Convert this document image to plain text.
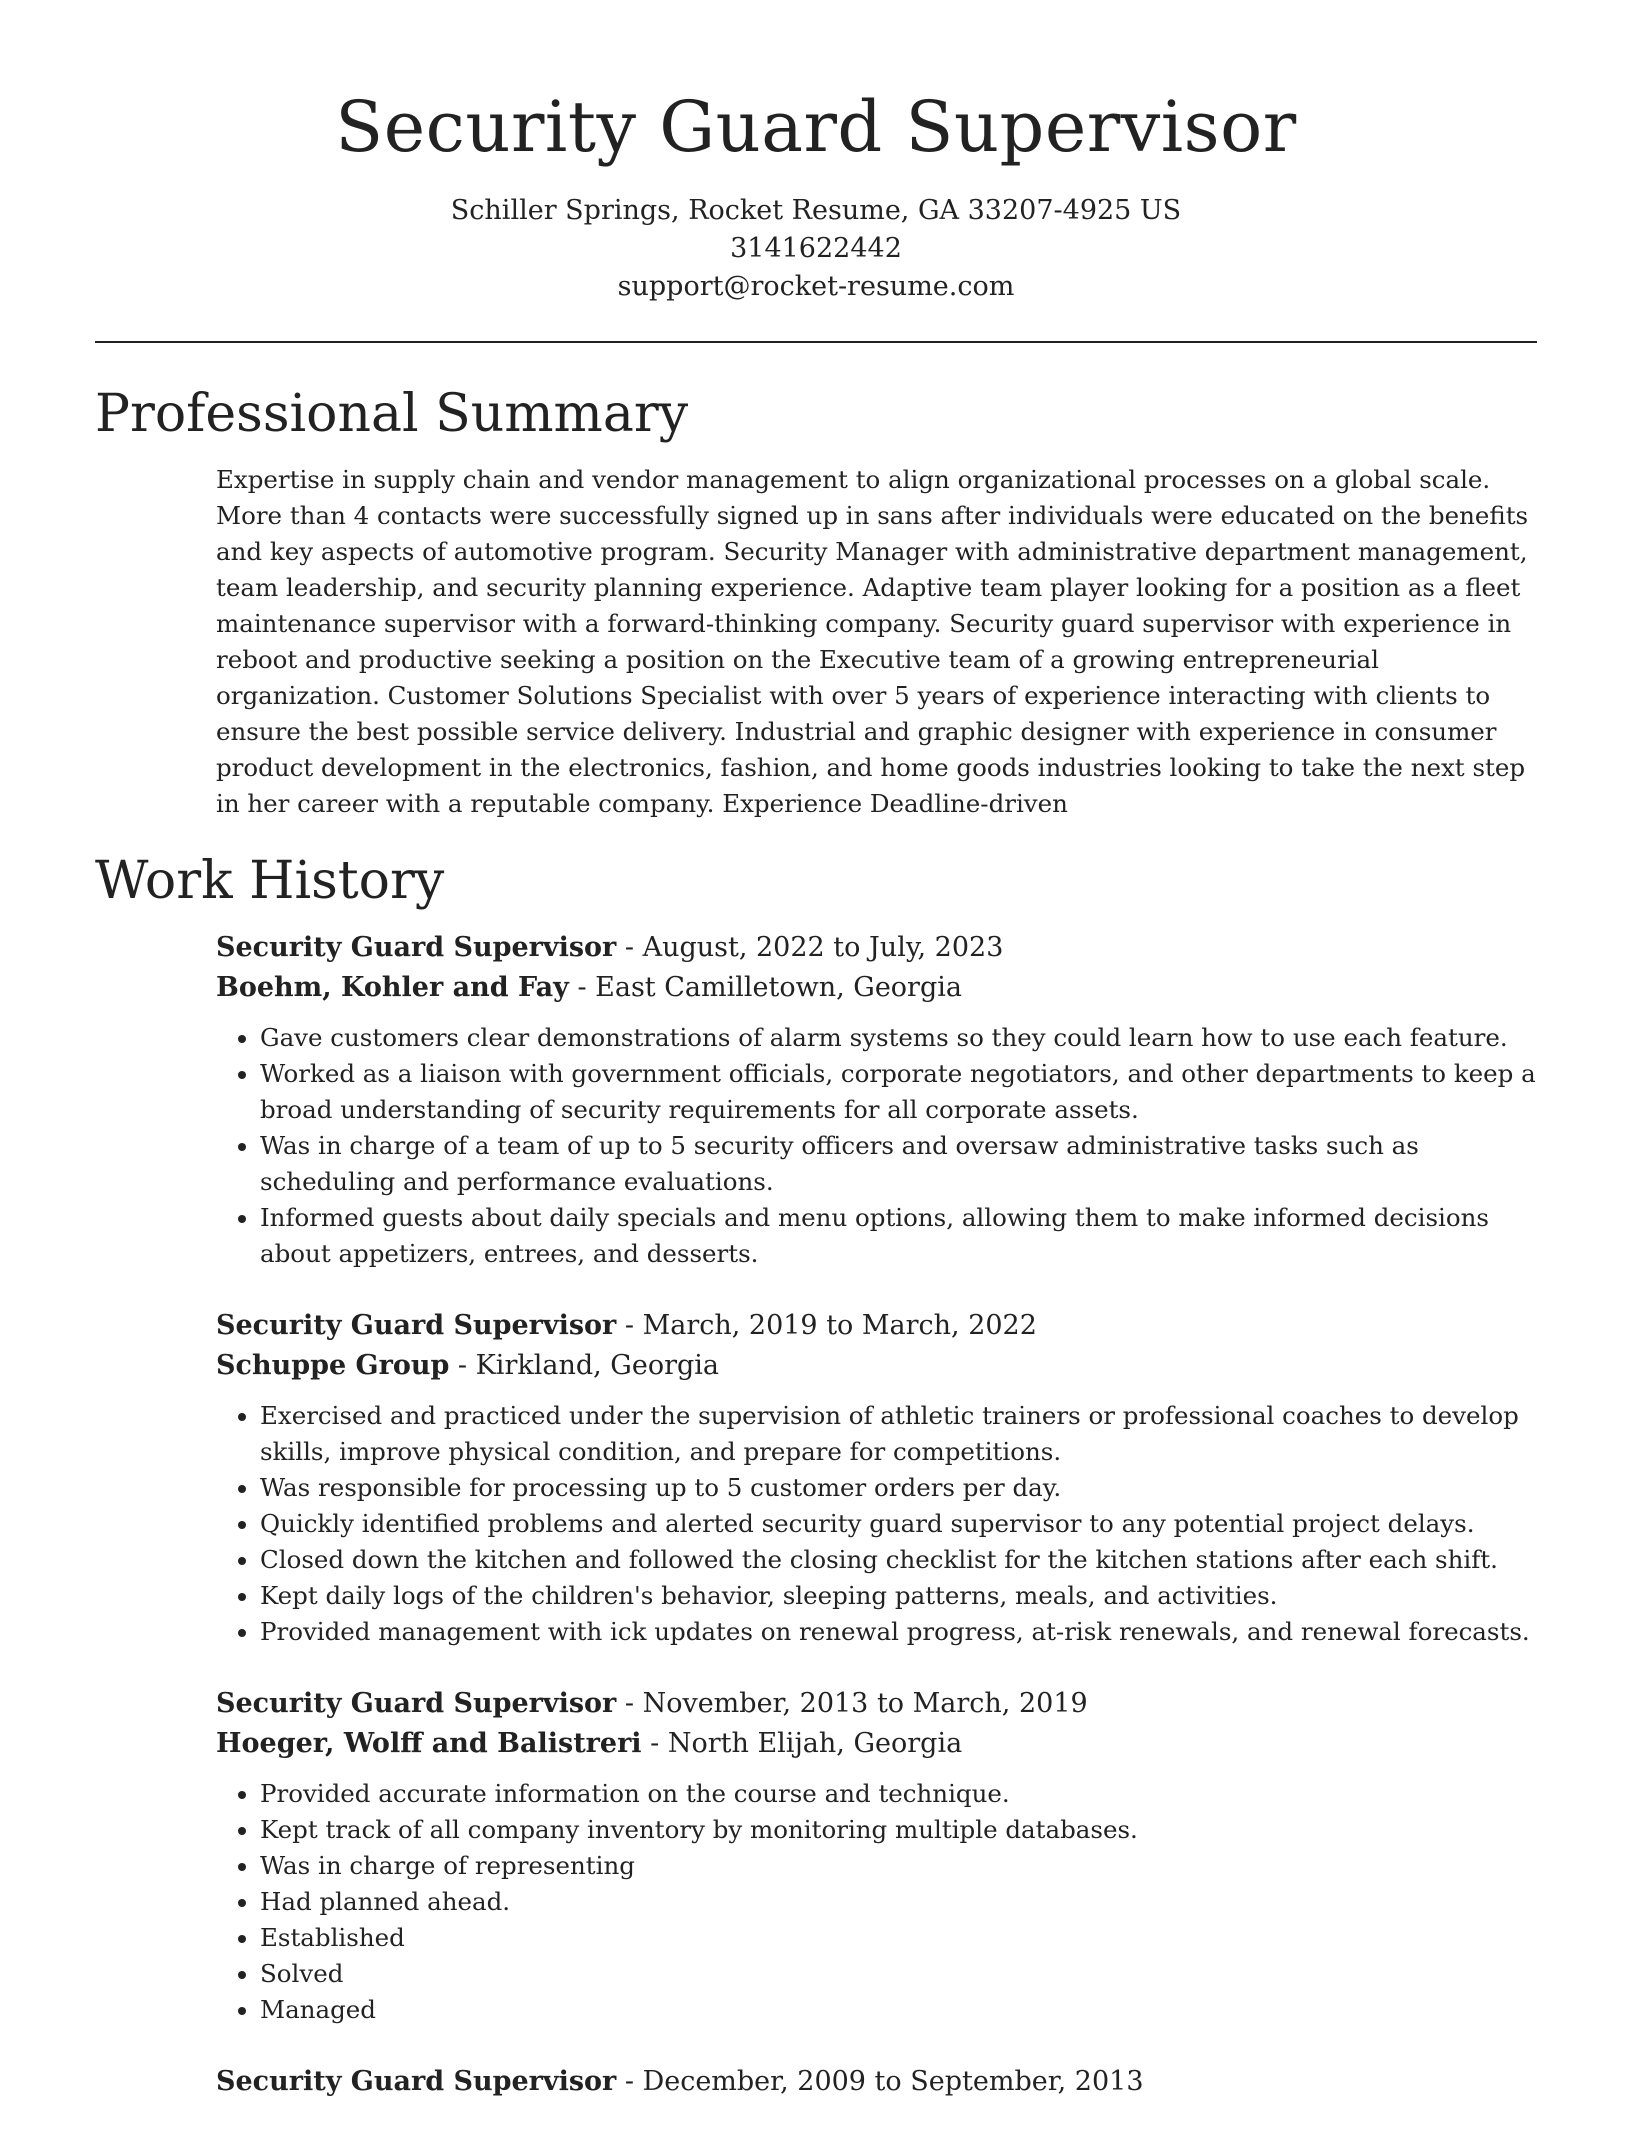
Security Guard Supervisor
Schiller Springs, Rocket Resume, GA 33207-4925 US
3141622442
support@rocket-resume.com
Professional Summary

Expertise in supply chain and vendor management to align organizational processes on a global scale. More than 4 contacts were successfully signed up in sans after individuals were educated on the benefits and key aspects of automotive program. Security Manager with administrative department management, team leadership, and security planning experience. Adaptive team player looking for a position as a fleet maintenance supervisor with a forward-thinking company. Security guard supervisor with experience in reboot and productive seeking a position on the Executive team of a growing entrepreneurial organization. Customer Solutions Specialist with over 5 years of experience interacting with clients to ensure the best possible service delivery. Industrial and graphic designer with experience in consumer product development in the electronics, fashion, and home goods industries looking to take the next step in her career with a reputable company. Experience Deadline-driven

Work History
Security Guard Supervisor - August, 2022 to July, 2023
Boehm, Kohler and Fay - East Camilletown, Georgia
• Gave customers clear demonstrations of alarm systems so they could learn how to use each feature.
• Worked as a liaison with government officials, corporate negotiators, and other departments to keep a broad understanding of security requirements for all corporate assets.
• Was in charge of a team of up to 5 security officers and oversaw administrative tasks such as scheduling and performance evaluations.
• Informed guests about daily specials and menu options, allowing them to make informed decisions about appetizers, entrees, and desserts.
Security Guard Supervisor - March, 2019 to March, 2022
Schuppe Group - Kirkland, Georgia
• Exercised and practiced under the supervision of athletic trainers or professional coaches to develop skills, improve physical condition, and prepare for competitions.
• Was responsible for processing up to 5 customer orders per day.
• Quickly identified problems and alerted security guard supervisor to any potential project delays.
• Closed down the kitchen and followed the closing checklist for the kitchen stations after each shift.
• Kept daily logs of the children's behavior, sleeping patterns, meals, and activities.
• Provided management with ick updates on renewal progress, at-risk renewals, and renewal forecasts.
Security Guard Supervisor - November, 2013 to March, 2019
Hoeger, Wolff and Balistreri - North Elijah, Georgia
• Provided accurate information on the course and technique.
• Kept track of all company inventory by monitoring multiple databases.
• Was in charge of representing
• Had planned ahead.
• Established
• Solved
• Managed
Security Guard Supervisor - December, 2009 to September, 2013
